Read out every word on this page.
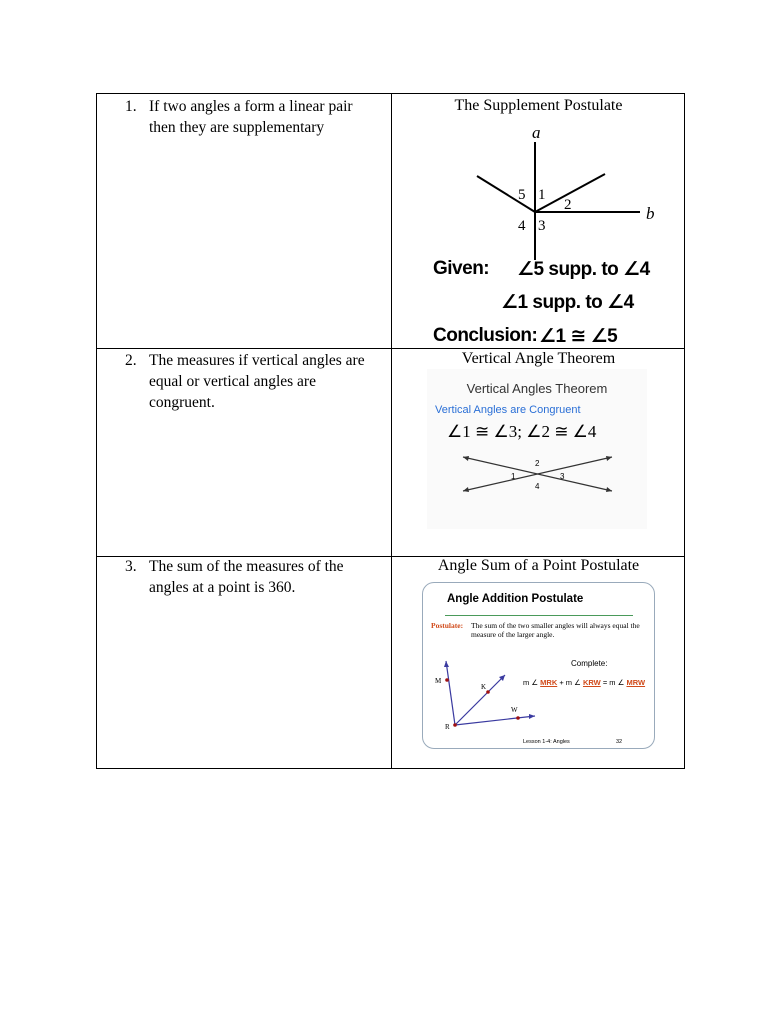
1. If two angles a form a linear pair then they are supplementary
2. The measures if vertical angles are equal or vertical angles are congruent.
3. The sum of the measures of the angles at a point is 360.
The Supplement Postulate
Vertical Angle Theorem
Angle Sum of a Point Postulate
a
b
5 1
2
4 3
Given: ∠5 supp. to ∠4
∠1 supp. to ∠4
Conclusion: ∠1 ≅ ∠5
Vertical Angles Theorem
Vertical Angles are Congruent
∠1 ≅ ∠3; ∠2 ≅ ∠4
1
2
3
4
Angle Addition Postulate
Postulate: The sum of the two smaller angles will always equal the measure of the larger angle.
Complete:
m ∠ MRK + m ∠ KRW = m ∠ MRW
M
K
W
R
Lesson 1-4: Angles	32
